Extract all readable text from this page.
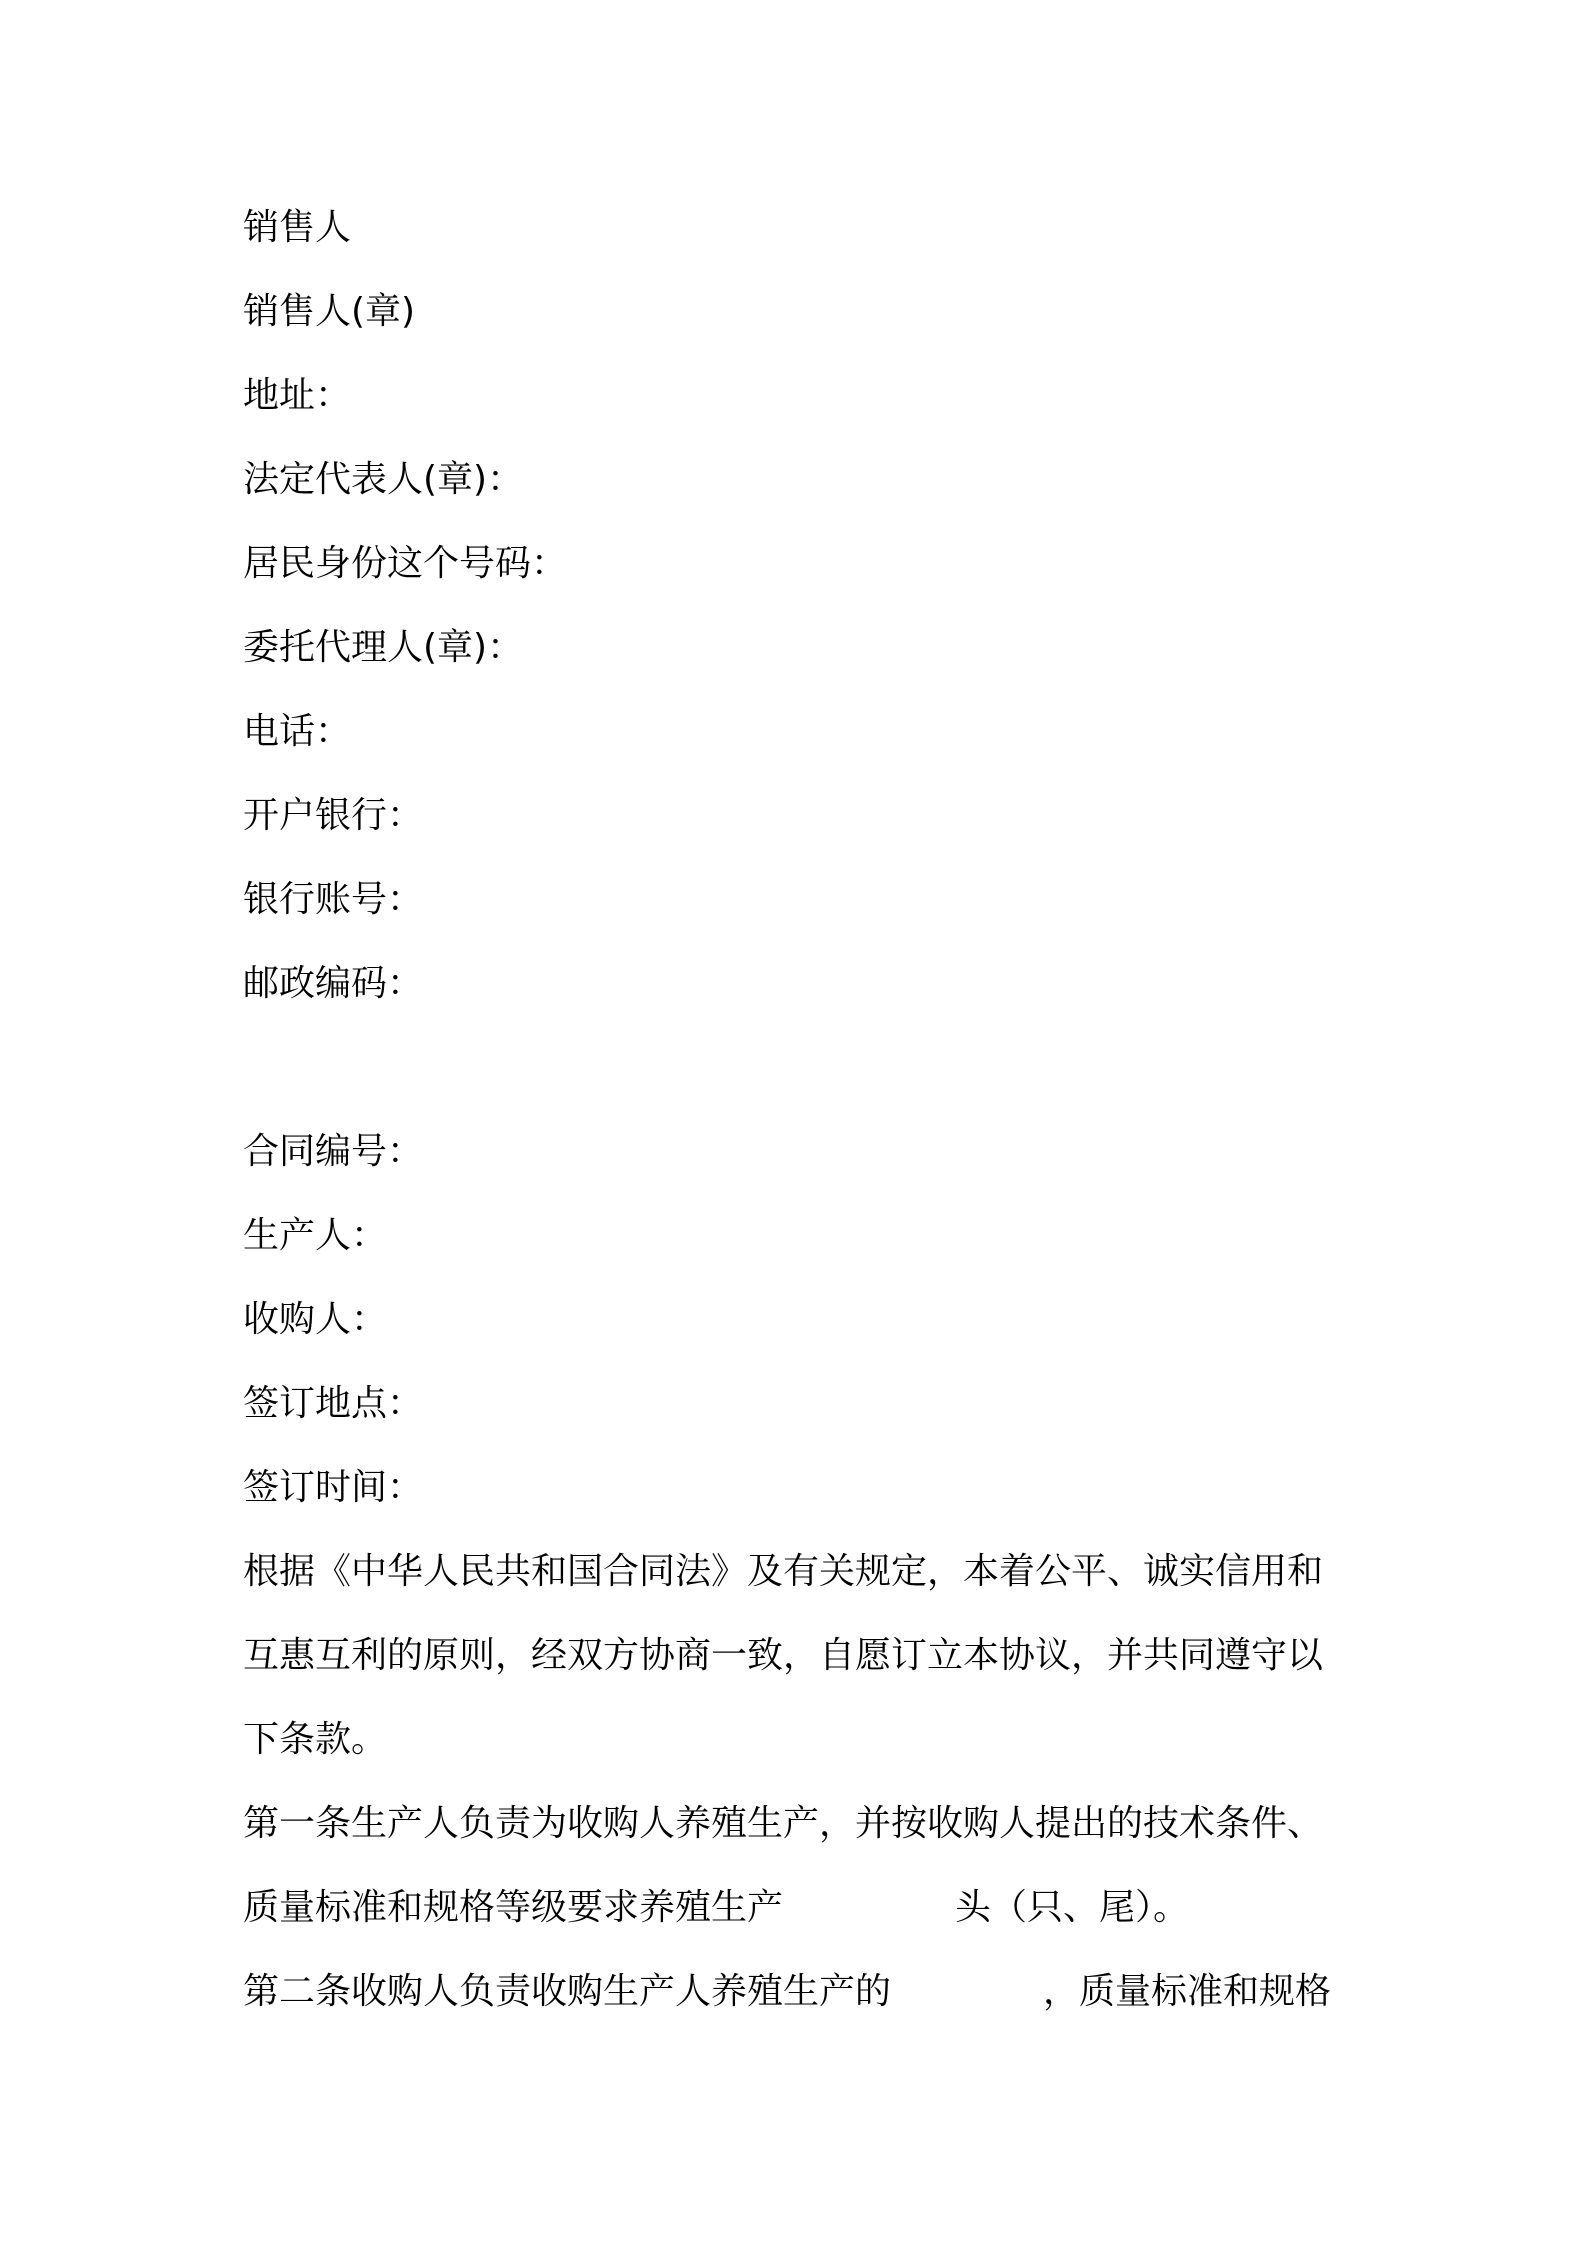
销售人
销售人(章)
地址：
法定代表人(章)：
居民身份这个号码：
委托代理人(章)：
电话：
开户银行：
银行账号：
邮政编码：
合同编号：
生产人：
收购人：
签订地点：
签订时间：
根据《中华人民共和国合同法》及有关规定，本着公平、诚实信用和
互惠互利的原则，经双方协商一致，自愿订立本协议，并共同遵守以
下条款。
第一条生产人负责为收购人养殖生产，并按收购人提出的技术条件、
质量标准和规格等级要求养殖生产	头（只、尾）。
第二条收购人负责收购生产人养殖生产的	，质量标准和规格
